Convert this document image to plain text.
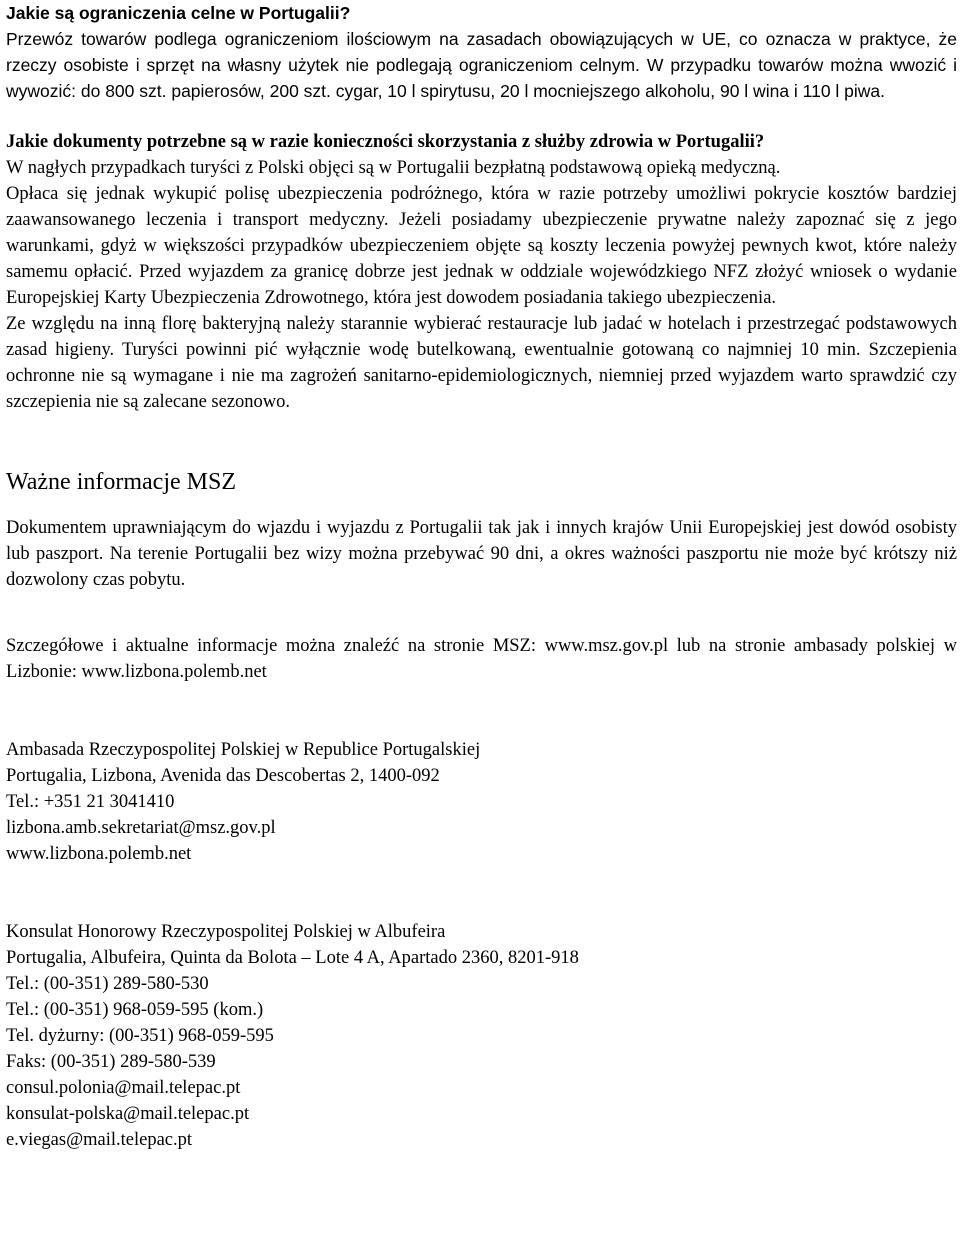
Jakie są ograniczenia celne w Portugalii?

Przewóz towarów podlega ograniczeniom ilościowym na zasadach obowiązujących w UE, co oznacza w praktyce, że rzeczy osobiste i sprzęt na własny użytek nie podlegają ograniczeniom celnym. W przypadku towarów można wwozić i wywozić: do 800 szt. papierosów, 200 szt. cygar, 10 l spirytusu, 20 l mocniejszego alkoholu, 90 l wina i 110 l piwa.

Jakie dokumenty potrzebne są w razie konieczności skorzystania z służby zdrowia w Portugalii?

W nagłych przypadkach turyści z Polski objęci są w Portugalii bezpłatną podstawową opieką medyczną.

Opłaca się jednak wykupić polisę ubezpieczenia podróżnego, która w razie potrzeby umożliwi pokrycie kosztów bardziej zaawansowanego leczenia i transport medyczny. Jeżeli posiadamy ubezpieczenie prywatne należy zapoznać się z jego warunkami, gdyż w większości przypadków ubezpieczeniem objęte są koszty leczenia powyżej pewnych kwot, które należy samemu opłacić. Przed wyjazdem za granicę dobrze jest jednak w oddziale wojewódzkiego NFZ złożyć wniosek o wydanie Europejskiej Karty Ubezpieczenia Zdrowotnego, która jest dowodem posiadania takiego ubezpieczenia.

Ze względu na inną florę bakteryjną należy starannie wybierać restauracje lub jadać w hotelach i przestrzegać podstawowych zasad higieny. Turyści powinni pić wyłącznie wodę butelkowaną, ewentualnie gotowaną co najmniej 10 min. Szczepienia ochronne nie są wymagane i nie ma zagrożeń sanitarno-epidemiologicznych, niemniej przed wyjazdem warto sprawdzić czy szczepienia nie są zalecane sezonowo.

Ważne informacje MSZ

Dokumentem uprawniającym do wjazdu i wyjazdu z Portugalii tak jak i innych krajów Unii Europejskiej jest dowód osobisty lub paszport. Na terenie Portugalii bez wizy można przebywać 90 dni, a okres ważności paszportu nie może być krótszy niż dozwolony czas pobytu.

Szczegółowe i aktualne informacje można znaleźć na stronie MSZ: www.msz.gov.pl lub na stronie ambasady polskiej w Lizbonie: www.lizbona.polemb.net

Ambasada Rzeczypospolitej Polskiej w Republice Portugalskiej
Portugalia, Lizbona, Avenida das Descobertas 2, 1400-092
Tel.: +351 21 3041410
lizbona.amb.sekretariat@msz.gov.pl
www.lizbona.polemb.net
Konsulat Honorowy Rzeczypospolitej Polskiej w Albufeira
Portugalia, Albufeira, Quinta da Bolota – Lote 4 A, Apartado 2360, 8201-918
Tel.: (00-351) 289-580-530
Tel.: (00-351) 968-059-595 (kom.)
Tel. dyżurny: (00-351) 968-059-595
Faks: (00-351) 289-580-539
consul.polonia@mail.telepac.pt
konsulat-polska@mail.telepac.pt
e.viegas@mail.telepac.pt
